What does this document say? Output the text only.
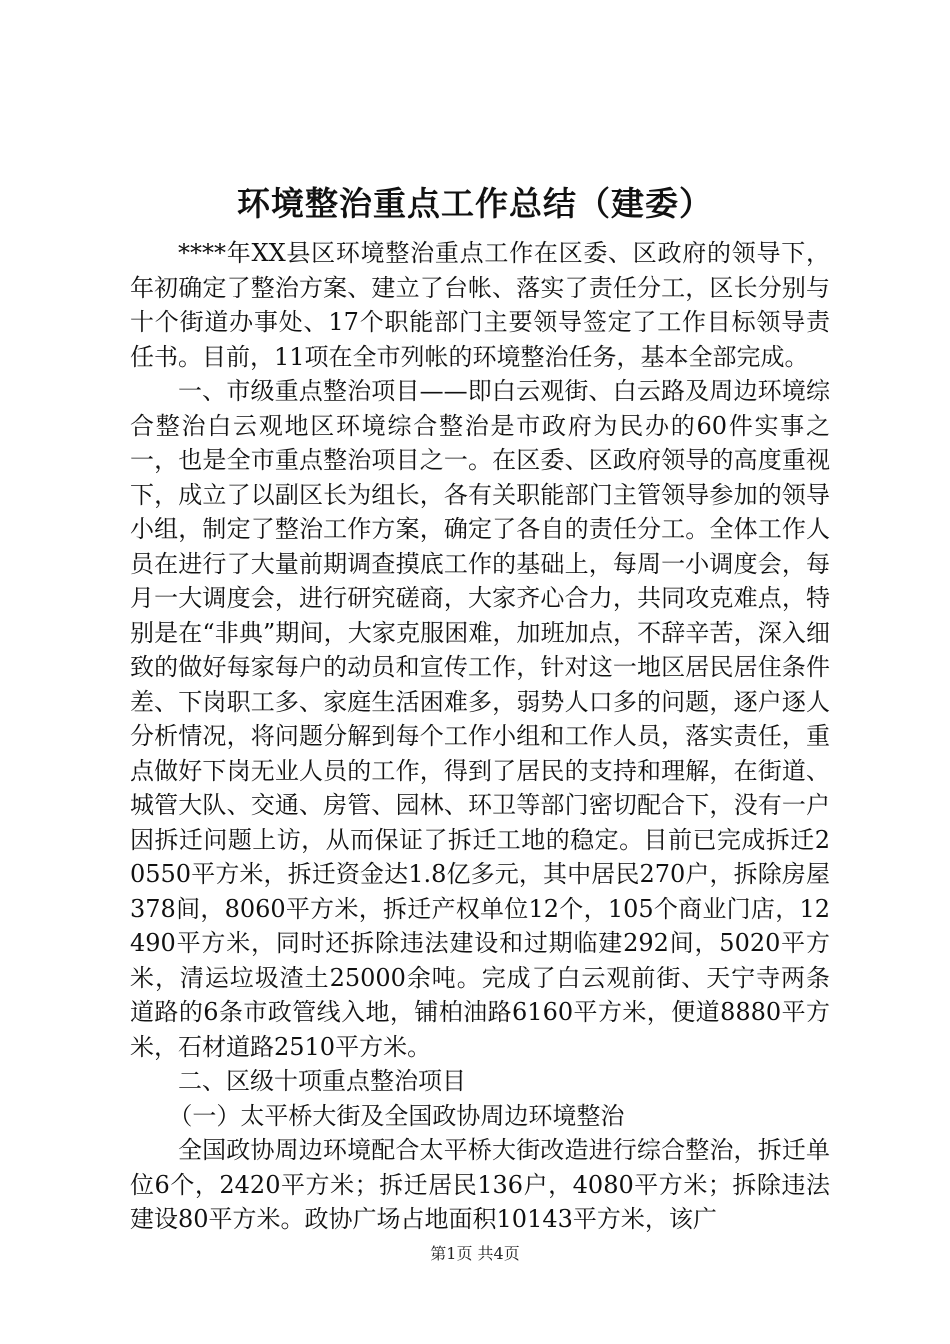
环境整治重点工作总结（建委）

****年XX县区环境整治重点工作在区委、区政府的领导下，年初确定了整治方案、建立了台帐、落实了责任分工，区长分别与十个街道办事处、17个职能部门主要领导签定了工作目标领导责任书。目前，11项在全市列帐的环境整治任务，基本全部完成。

一、市级重点整治项目——即白云观街、白云路及周边环境综合整治白云观地区环境综合整治是市政府为民办的60件实事之一，也是全市重点整治项目之一。在区委、区政府领导的高度重视下，成立了以副区长为组长，各有关职能部门主管领导参加的领导小组，制定了整治工作方案，确定了各自的责任分工。全体工作人员在进行了大量前期调查摸底工作的基础上，每周一小调度会，每月一大调度会，进行研究磋商，大家齐心合力，共同攻克难点，特别是在“非典”期间，大家克服困难，加班加点，不辞辛苦，深入细致的做好每家每户的动员和宣传工作，针对这一地区居民居住条件差、下岗职工多、家庭生活困难多，弱势人口多的问题，逐户逐人分析情况，将问题分解到每个工作小组和工作人员，落实责任，重点做好下岗无业人员的工作，得到了居民的支持和理解，在街道、城管大队、交通、房管、园林、环卫等部门密切配合下，没有一户因拆迁问题上访，从而保证了拆迁工地的稳定。目前已完成拆迁20550平方米，拆迁资金达1.8亿多元，其中居民270户，拆除房屋378间，8060平方米，拆迁产权单位12个，105个商业门店，12490平方米，同时还拆除违法建设和过期临建292间，5020平方米，清运垃圾渣土25000余吨。完成了白云观前街、天宁寺两条道路的6条市政管线入地，铺柏油路6160平方米，便道8880平方米，石材道路2510平方米。

二、区级十项重点整治项目

（一）太平桥大街及全国政协周边环境整治

全国政协周边环境配合太平桥大街改造进行综合整治，拆迁单位6个，2420平方米；拆迁居民136户，4080平方米；拆除违法建设80平方米。政协广场占地面积10143平方米，该广

第1页 共4页
